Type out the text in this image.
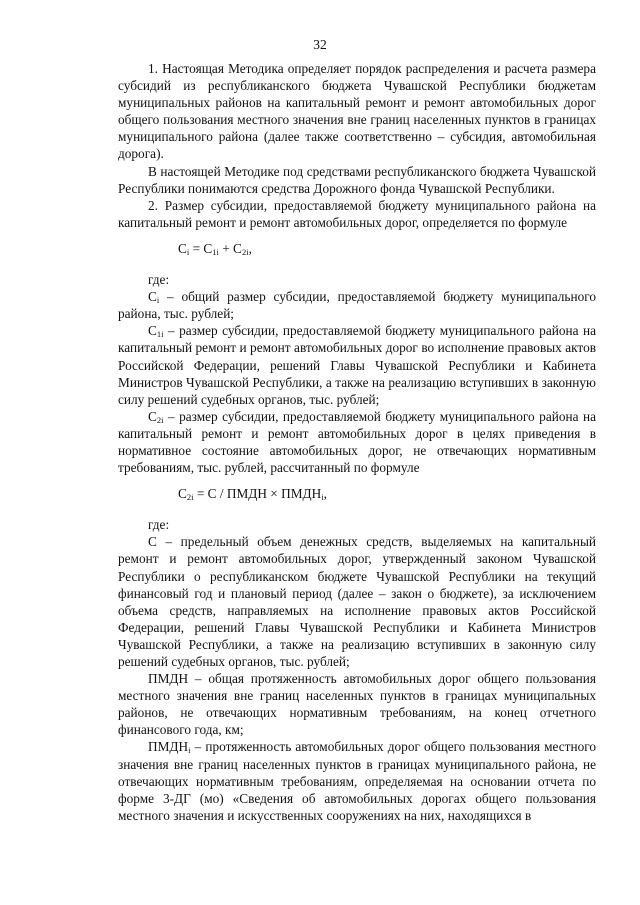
32

1. Настоящая Методика определяет порядок распределения и расчета размера субсидий из республиканского бюджета Чувашской Республики бюджетам муниципальных районов на капитальный ремонт и ремонт автомобильных дорог общего пользования местного значения вне границ населенных пунктов в границах муниципального района (далее также соответственно – субсидия, автомобильная дорога).

В настоящей Методике под средствами республиканского бюджета Чувашской Республики понимаются средства Дорожного фонда Чувашской Республики.

2. Размер субсидии, предоставляемой бюджету муниципального района на капитальный ремонт и ремонт автомобильных дорог, определяется по формуле

$C_i = C_{1i} + C_{2i}$,

где:

$C_i$ – общий размер субсидии, предоставляемой бюджету муниципального района, тыс. рублей;

$C_{1i}$ – размер субсидии, предоставляемой бюджету муниципального района на капитальный ремонт и ремонт автомобильных дорог во исполнение правовых актов Российской Федерации, решений Главы Чувашской Республики и Кабинета Министров Чувашской Республики, а также на реализацию вступивших в законную силу решений судебных органов, тыс. рублей;

$C_{2i}$ – размер субсидии, предоставляемой бюджету муниципального района на капитальный ремонт и ремонт автомобильных дорог в целях приведения в нормативное состояние автомобильных дорог, не отвечающих нормативным требованиям, тыс. рублей, рассчитанный по формуле

$C_{2i} = C$ / ПМДН × $ПМДН_i$,

где:

С – предельный объем денежных средств, выделяемых на капитальный ремонт и ремонт автомобильных дорог, утвержденный законом Чувашской Республики о республиканском бюджете Чувашской Республики на текущий финансовый год и плановый период (далее – закон о бюджете), за исключением объема средств, направляемых на исполнение правовых актов Российской Федерации, решений Главы Чувашской Республики и Кабинета Министров Чувашской Республики, а также на реализацию вступивших в законную силу решений судебных органов, тыс. рублей;

ПМДН – общая протяженность автомобильных дорог общего пользования местного значения вне границ населенных пунктов в границах муниципальных районов, не отвечающих нормативным требованиям, на конец отчетного финансового года, км;

$ПМДН_i$ – протяженность автомобильных дорог общего пользования местного значения вне границ населенных пунктов в границах муниципального района, не отвечающих нормативным требованиям, определяемая на основании отчета по форме 3-ДГ (мо) «Сведения об автомобильных дорогах общего пользования местного значения и искусственных сооружениях на них, находящихся в
